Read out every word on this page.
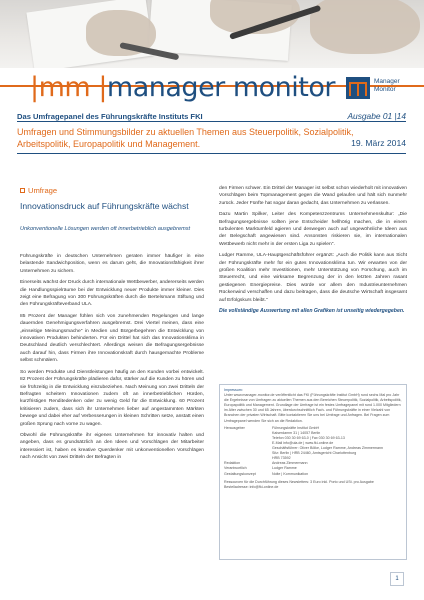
|mm |manager monitor	Manager
Monitor
Das Umfragepanel des Führungskräfte Instituts FKI	Ausgabe 01 |14
Umfragen und Stimmungsbilder zu aktuellen Themen aus Steuerpolitik, Sozialpolitik, Arbeitspolitik, Europapolitik und Management.	19. März 2014
Umfrage
Innovationsdruck auf Führungskräfte wächst
Unkonventionelle Lösungen werden oft innerbetrieblich ausgebremst

Führungskräfte in deutschen Unternehmen geraten immer häufiger in eine belastende Sandwichposition, wenn es darum geht, die Innovationsfähigkeit ihrer Unternehmen zu sichern.

Einerseits wächst der Druck durch internationale Wettbewerber, andererseits werden die Handlungsspielräume bei der Entwicklung neuer Produkte immer kleiner. Dies zeigt eine Befragung von 300 Führungskräften durch die Bertelsmann Stiftung und den Führungskräfteverband ULA.

85 Prozent der Manager fühlen sich von zunehmenden Regelungen und lange dauernden Genehmigungsverfahren ausgebremst. Drei Viertel meinen, dass eine „einseitige Meinungsmache" in Medien und Bürgerbegehren die Entwicklung von innovativen Produkten behinderten. Für ein Drittel hat sich das Innovationsklima in Deutschland deutlich verschlechtert. Allerdings weisen die Befragungsergebnisse auch darauf hin, dass Firmen ihre Innovationskraft durch hausgemachte Probleme selbst schmälern.

So werden Produkte und Dienstleistungen häufig an den Kunden vorbei entwickelt. 82 Prozent der Führungskräfte plädieren dafür, stärker auf die Kunden zu hören und sie frühzeitig in die Entwicklung einzubeziehen. Nach Meinung von zwei Dritteln der Befragten scheitern Innovationen zudem oft an innerbetrieblichen Hürden, kurzfristigen Renditedenken oder zu wenig Geld für die Entwicklung. 60 Prozent kritisieren zudem, dass sich ihr Unternehmen lieber auf angestammten Märkten bewege und dabei eher auf Verbesserungen in kleinen Schritten setze, anstatt einen großen Sprung nach vorne zu wagen.

Obwohl die Führungskräfte ihr eigenes Unternehmen für innovativ halten und angeben, dass es grundsätzlich an den Ideen und Vorschlägen der Mitarbeiter interessiert ist, haben es kreative Querdenker mit unkonventionellen Vorschlägen nach Ansicht von zwei Dritteln der Befragten in

den Firmen schwer. Ein Drittel der Manager ist selbst schon wiederholt mit innovativen Vorschlägen beim Topmanagement gegen die Wand gelaufen und hält sich nunmehr zurück. Jeder Fünfte hat sogar daran gedacht, das Unternehmen zu verlassen.

Dazu Martin Spilker, Leiter des Kompetenzzentrums Unternehmenskultur: „Die Befragungsergebnisse sollten jene Entscheider hellhörig machen, die in einem turbulenten Marktumfeld agieren und deswegen auch auf ungewöhnliche Ideen aus der Belegschaft angewiesen sind. Ansonsten riskieren sie, im internationalen Wettbewerb nicht mehr in der ersten Liga zu spielen".

Ludger Ramme, ULA-Hauptgeschäftsführer ergänzt: „Auch die Politik kann aus Sicht der Führungskräfte mehr für ein gutes Innovationsklima tun. Wir erwarten von der großen Koalition mehr Investitionen, mehr Unterstützung von Forschung, auch im Steuerrecht, und eine wirksame Begrenzung der in den letzten Jahren rasant gestiegenen Energiepreise. Dies würde vor allem den Industrieunternehmen Rückenwind verschaffen und dazu beitragen, dass die deutsche Wirtschaft insgesamt auf Erfolgskurs bleibt."

Die vollständige Auswertung mit allen Grafiken ist unseitig wiedergegeben.

Impressum:
Unter www.manager-monitor.de veröffentlicht das FKI (Führungskräfte Institut GmbH) rund sechs Mal pro Jahr die Ergebnisse von Umfragen zu aktuellen Themen aus den Bereichen Steuerpolitik, Sozialpolitik, Arbeitspolitik, Europapolitik und Management. Grundlage der Umfrage ist ein festes Umfragepanel mit rund 1.000 Mitgliedern im Alter zwischen 30 und 65 Jahren, überdurchschnittlich Fach- und Führungskräfte in einer Vielzahl von Branchen der privaten Wirtschaft. Bitte kontaktieren Sie uns bei Umfrage und Anfragen. Bei Fragen zum Umfragepanel wenden Sie sich an die Redaktion.
Herausgeber	Führungskräfte Institut GmbH
Kaiserdamm 31 | 14057 Berlin
Telefon 030 30 69 63-0 | Fax 030 30 69 63-13
E-Mail info@ula.de | www.fki-online.de
Geschäftsführer: Oliver Bölke, Ludger Ramme, Andreas Zimmermann
Sitz: Berlin | HRB 24460, Amtsgericht Charlottenburg
HRB 73592
Redaktion	Andreas Zimmermann
Verantwortlich	Ludger Ramme
Gestaltungskonzept	Nolte | Kommunikation
Ressourcen für die Durchführung dieses Newsletters: 3 Euro inkl. Porto und USt. pro Ausgabe
Bestelladresse: info@fki-online.de
1
